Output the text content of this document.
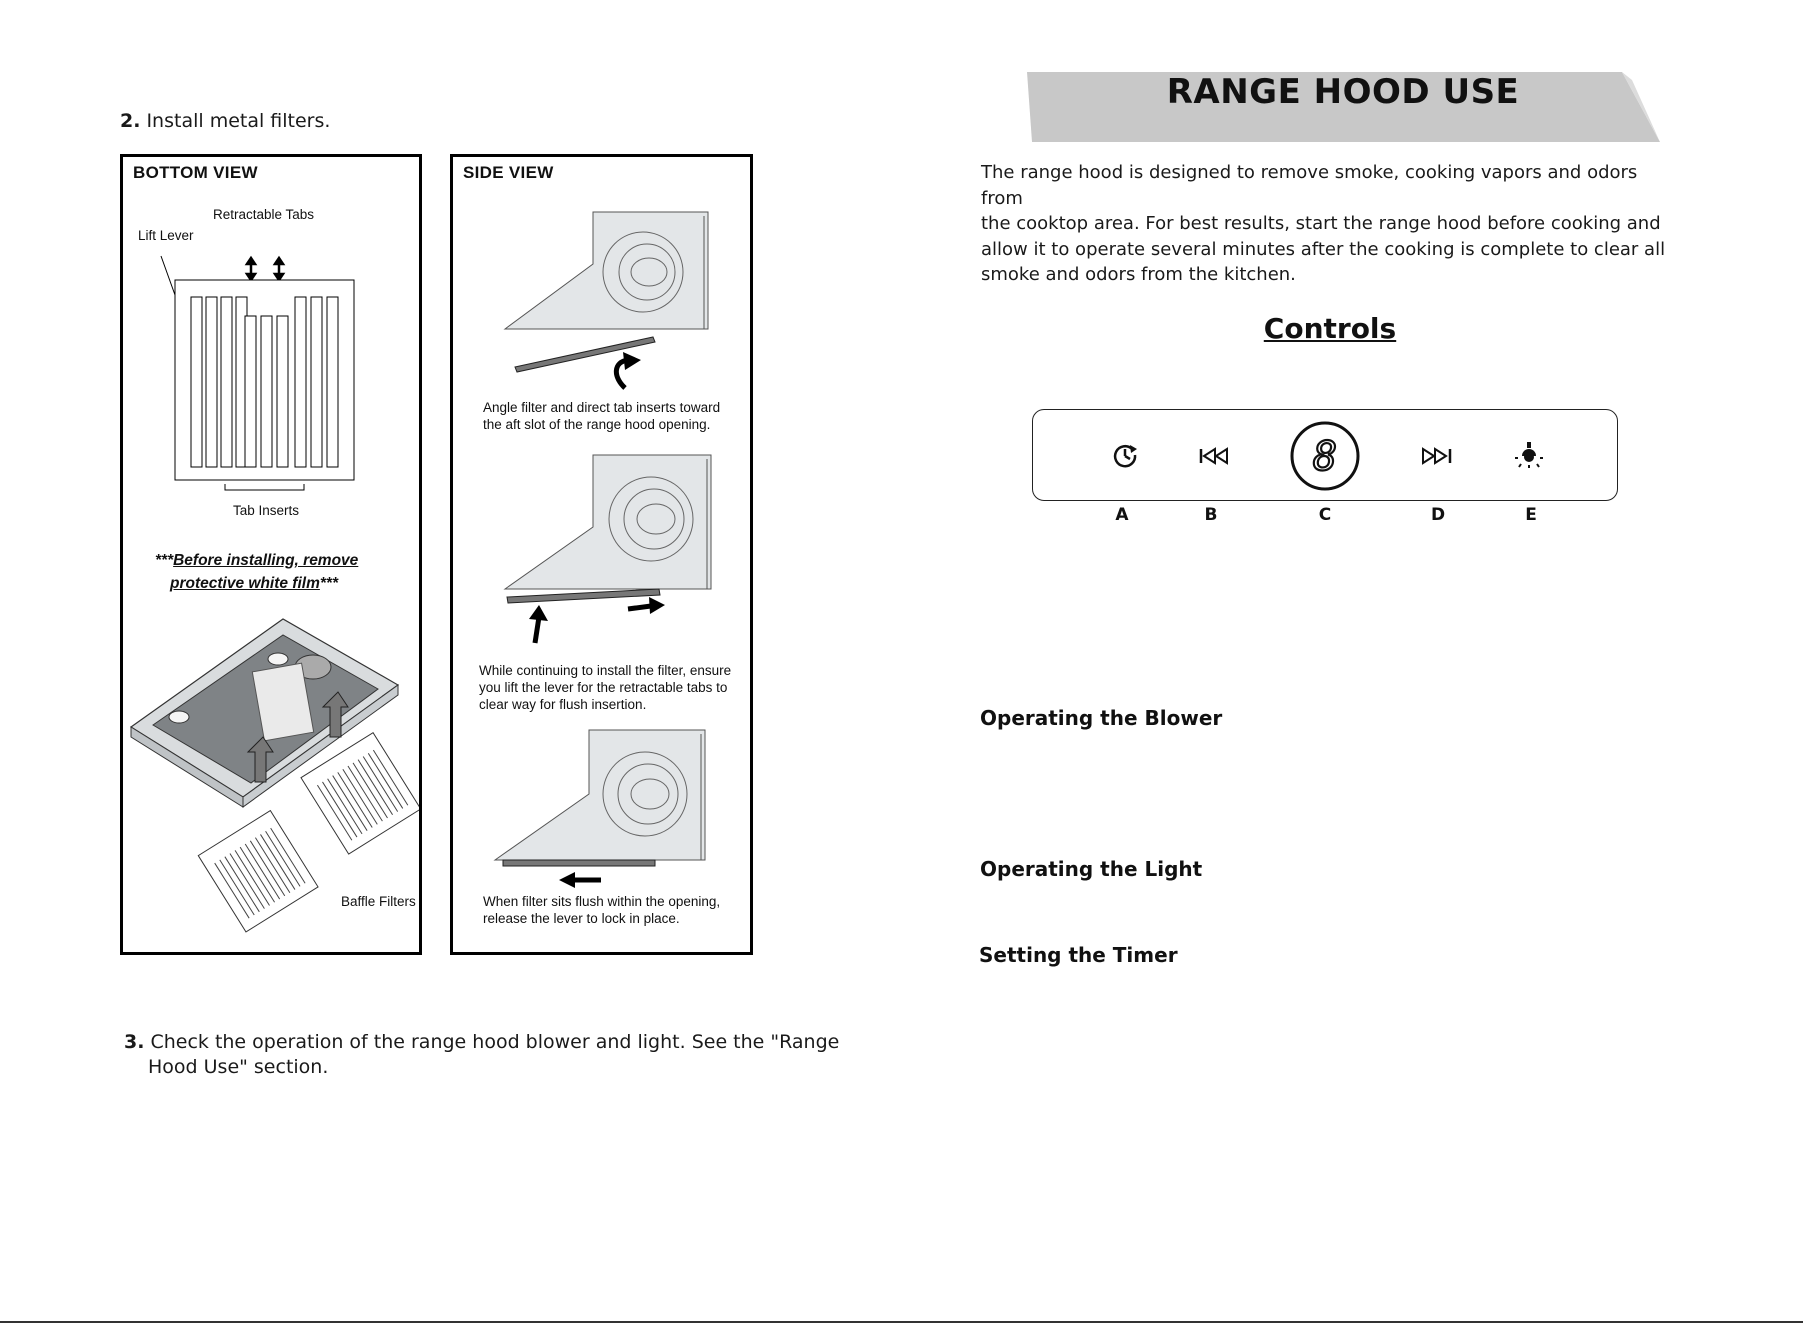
2. Install metal filters.
BOTTOM VIEW
Retractable Tabs
Lift Lever
Tab Inserts
***Before installing, remove
protective white film***
Baffle Filters
SIDE VIEW
Angle filter and direct tab inserts toward
the aft slot of the range hood opening.
While continuing to install the filter, ensure
you lift the lever for the retractable tabs to
clear way for flush insertion.
When filter sits flush within the opening,
release the lever to lock in place.
3. Check the operation of the range hood blower and light. See the "Range
Hood Use" section.
RANGE HOOD USE
The range hood is designed to remove smoke, cooking vapors and odors from
the cooktop area. For best results, start the range hood before cooking and
allow it to operate several minutes after the cooking is complete to clear all
smoke and odors from the kitchen.
Controls
8
A	B	C	D	E
Operating the Blower
Operating the Light
Setting the Timer
